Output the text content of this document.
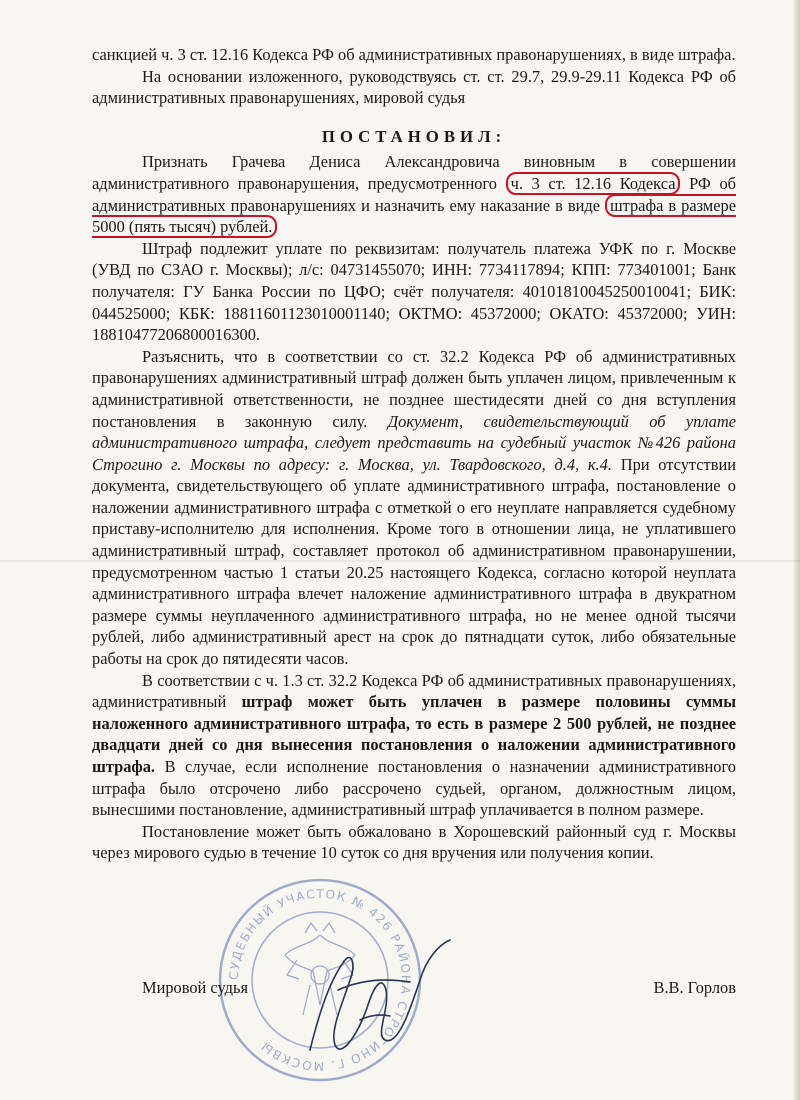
санкцией ч. 3 ст. 12.16 Кодекса РФ об административных правонарушениях, в виде штрафа.

На основании изложенного, руководствуясь ст. ст. 29.7, 29.9-29.11 Кодекса РФ об административных правонарушениях, мировой судья

ПОСТАНОВИЛ:

Признать Грачева Дениса Александровича виновным в совершении административного правонарушения, предусмотренного ч. 3 ст. 12.16 Кодекса РФ об административных правонарушениях и назначить ему наказание в виде штрафа в размере 5000 (пять тысяч) рублей.

Штраф подлежит уплате по реквизитам: получатель платежа УФК по г. Москве (УВД по СЗАО г. Москвы); л/с: 04731455070; ИНН: 7734117894; КПП: 773401001; Банк получателя: ГУ Банка России по ЦФО; счёт получателя: 40101810045250010041; БИК: 044525000; КБК: 18811601123010001140; ОКТМО: 45372000; ОКАТО: 45372000; УИН: 18810477206800016300.

Разъяснить, что в соответствии со ст. 32.2 Кодекса РФ об административных правонарушениях административный штраф должен быть уплачен лицом, привлеченным к административной ответственности, не позднее шестидесяти дней со дня вступления постановления в законную силу. Документ, свидетельствующий об уплате административного штрафа, следует представить на судебный участок №426 района Строгино г. Москвы по адресу: г. Москва, ул. Твардовского, д.4, к.4. При отсутствии документа, свидетельствующего об уплате административного штрафа, постановление о наложении административного штрафа с отметкой о его неуплате направляется судебному приставу-исполнителю для исполнения. Кроме того в отношении лица, не уплатившего административный штраф, составляет протокол об административном правонарушении, предусмотренном частью 1 статьи 20.25 настоящего Кодекса, согласно которой неуплата административного штрафа влечет наложение административного штрафа в двукратном размере суммы неуплаченного административного штрафа, но не менее одной тысячи рублей, либо административный арест на срок до пятнадцати суток, либо обязательные работы на срок до пятидесяти часов.

В соответствии с ч. 1.3 ст. 32.2 Кодекса РФ об административных правонарушениях, административный штраф может быть уплачен в размере половины суммы наложенного административного штрафа, то есть в размере 2 500 рублей, не позднее двадцати дней со дня вынесения постановления о наложении административного штрафа. В случае, если исполнение постановления о назначении административного штрафа было отсрочено либо рассрочено судьей, органом, должностным лицом, вынесшими постановление, административный штраф уплачивается в полном размере.

Постановление может быть обжаловано в Хорошевский районный суд г. Москвы через мирового судью в течение 10 суток со дня вручения или получения копии.

СУДЕБНЫЙ УЧАСТОК № 426 РАЙОНА СТРОГИНО Г. МОСКВЫ
Мировой судья	В.В. Горлов
